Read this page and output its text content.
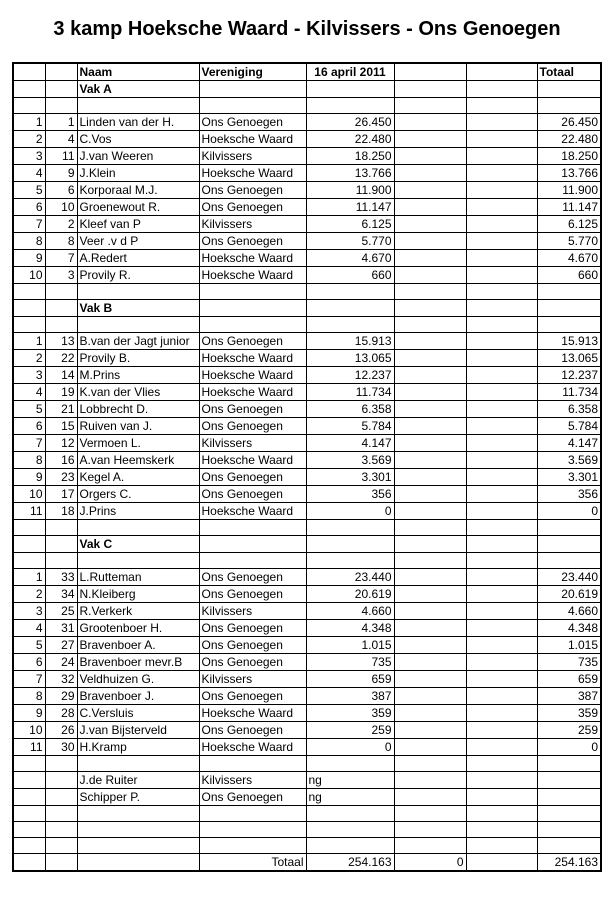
3 kamp Hoeksche Waard - Kilvissers - Ons Genoegen
		Naam	Vereniging	16 april 2011			Totaal
		Vak A					

1	1	Linden van der H.	Ons Genoegen	26.450			26.450
2	4	C.Vos	Hoeksche Waard	22.480			22.480
3	11	J.van Weeren	Kilvissers	18.250			18.250
4	9	J.Klein	Hoeksche Waard	13.766			13.766
5	6	Korporaal M.J.	Ons Genoegen	11.900			11.900
6	10	Groenewout R.	Ons Genoegen	11.147			11.147
7	2	Kleef van P	Kilvissers	6.125			6.125
8	8	Veer .v d P	Ons Genoegen	5.770			5.770
9	7	A.Redert	Hoeksche Waard	4.670			4.670
10	3	Provily R.	Hoeksche Waard	660			660

		Vak B					

1	13	B.van der Jagt junior	Ons Genoegen	15.913			15.913
2	22	Provily B.	Hoeksche Waard	13.065			13.065
3	14	M.Prins	Hoeksche Waard	12.237			12.237
4	19	K.van der Vlies	Hoeksche Waard	11.734			11.734
5	21	Lobbrecht D.	Ons Genoegen	6.358			6.358
6	15	Ruiven van J.	Ons Genoegen	5.784			5.784
7	12	Vermoen L.	Kilvissers	4.147			4.147
8	16	A.van Heemskerk	Hoeksche Waard	3.569			3.569
9	23	Kegel A.	Ons Genoegen	3.301			3.301
10	17	Orgers C.	Ons Genoegen	356			356
11	18	J.Prins	Hoeksche Waard	0			0

		Vak C					

1	33	L.Rutteman	Ons Genoegen	23.440			23.440
2	34	N.Kleiberg	Ons Genoegen	20.619			20.619
3	25	R.Verkerk	Kilvissers	4.660			4.660
4	31	Grootenboer H.	Ons Genoegen	4.348			4.348
5	27	Bravenboer A.	Ons Genoegen	1.015			1.015
6	24	Bravenboer mevr.B	Ons Genoegen	735			735
7	32	Veldhuizen G.	Kilvissers	659			659
8	29	Bravenboer J.	Ons Genoegen	387			387
9	28	C.Versluis	Hoeksche Waard	359			359
10	26	J.van Bijsterveld	Ons Genoegen	259			259
11	30	H.Kramp	Hoeksche Waard	0			0

		J.de Ruiter	Kilvissers	ng			
		Schipper P.	Ons Genoegen	ng			

			Totaal	254.163	0		254.163
